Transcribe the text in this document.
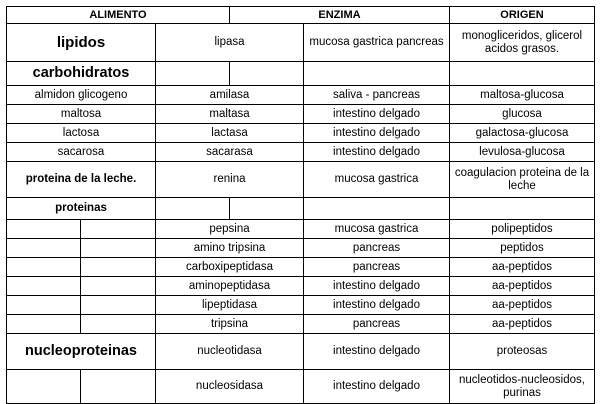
ALIMENTO	ENZIMA	ORIGEN	
lipidos		lipasa		mucosa gastrica pancreas	monogliceridos, glicerol acidos grasos.
carbohidratos					
almidon glicogeno		amilasa		saliva - pancreas	maltosa-glucosa
maltosa		maltasa		intestino delgado	glucosa
lactosa		lactasa		intestino delgado	galactosa-glucosa
sacarosa		sacarasa		intestino delgado	levulosa-glucosa
proteina de la leche.		renina		mucosa gastrica	coagulacion proteina de la leche
proteinas					
		pepsina		mucosa gastrica	polipeptidos
		amino tripsina		pancreas	peptidos
		carboxipeptidasa		pancreas	aa-peptidos
		aminopeptidasa		intestino delgado	aa-peptidos
		lipeptidasa		intestino delgado	aa-peptidos
		tripsina		pancreas	aa-peptidos
nucleoproteinas		nucleotidasa		intestino delgado	proteosas
		nucleosidasa		intestino delgado	nucleotidos-nucleosidos, purinas
